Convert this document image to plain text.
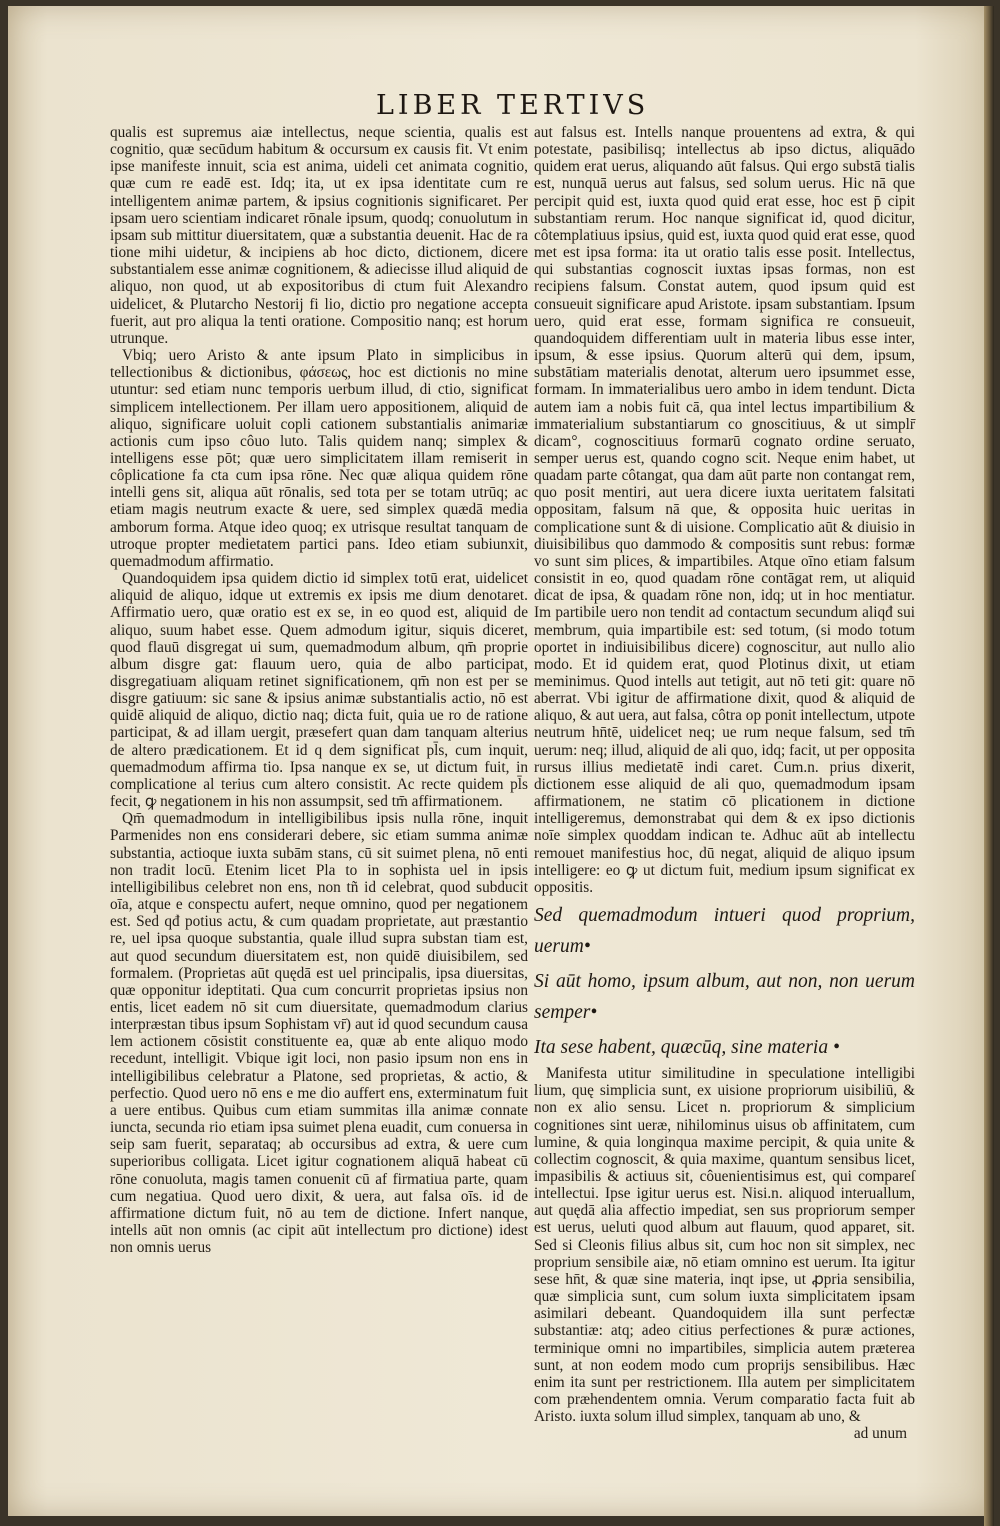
LIBER TERTIVS

qualis est supremus aiæ intellectus, neque scientia, qualis est cognitio, quæ secūdum habitum & occursum ex causis fit. Vt enim ipse manifeste innuit, scia est anima, uideli cet animata cognitio, quæ cum re eadē est. Idq; ita, ut ex ipsa identitate cum re intelligentem animæ partem, & ipsius cognitionis significaret. Per ipsam uero scientiam indicaret rōnale ipsum, quodq; conuolutum in ipsam sub mittitur diuersitatem, quæ a substantia deuenit. Hac de ra tione mihi uidetur, & incipiens ab hoc dicto, dictionem, dicere substantialem esse animæ cognitionem, & adiecisse illud aliquid de aliquo, non quod, ut ab expositoribus di ctum fuit Alexandro uidelicet, & Plutarcho Nestorij fi lio, dictio pro negatione accepta fuerit, aut pro aliqua la tenti oratione. Compositio nanq; est horum utrunque.

Vbiq; uero Aristo & ante ipsum Plato in simplicibus in tellectionibus & dictionibus, φάσεως, hoc est dictionis no mine utuntur: sed etiam nunc temporis uerbum illud, di ctio, significat simplicem intellectionem. Per illam uero appositionem, aliquid de aliquo, significare uoluit copli cationem substantialis animariæ actionis cum ipso côuo luto. Talis quidem nanq; simplex & intelligens esse pōt; quæ uero simplicitatem illam remiserit in côplicatione fa cta cum ipsa rōne. Nec quæ aliqua quidem rōne intelli gens sit, aliqua aūt rōnalis, sed tota per se totam utrūq; ac etiam magis neutrum exacte & uere, sed simplex quædā media amborum forma. Atque ideo quoq; ex utrisque resultat tanquam de utroque propter medietatem partici pans. Ideo etiam subiunxit, quemadmodum affirmatio.

Quandoquidem ipsa quidem dictio id simplex totū erat, uidelicet aliquid de aliquo, idque ut extremis ex ipsis me dium denotaret. Affirmatio uero, quæ oratio est ex se, in eo quod est, aliquid de aliquo, suum habet esse. Quem admodum igitur, siquis diceret, quod flauū disgregat ui sum, quemadmodum album, qm̄ proprie album disgre gat: flauum uero, quia de albo participat, disgregatiuam aliquam retinet significationem, qm̄ non est per se disgre gatiuum: sic sane & ipsius animæ substantialis actio, nō est quidē aliquid de aliquo, dictio naq; dicta fuit, quia ue ro de ratione participat, & ad illam uergit, præsefert quan dam tanquam alterius de altero prædicationem. Et id q dem significat pl̄s, cum inquit, quemadmodum affirma tio. Ipsa nanque ex se, ut dictum fuit, in complicatione al terius cum altero consistit. Ac recte quidem pl̄s fecit, ꝙ negationem in his non assumpsit, sed tm̄ affirmationem.

Qm̄ quemadmodum in intelligibilibus ipsis nulla rōne, inquit Parmenides non ens considerari debere, sic etiam summa animæ substantia, actioque iuxta subām stans, cū sit suimet plena, nō enti non tradit locū. Etenim licet Pla to in sophista uel in ipsis intelligibilibus celebret non ens, non tñ id celebrat, quod subducit oīa, atque e conspectu aufert, neque omnino, quod per negationem est. Sed qđ potius actu, & cum quadam proprietate, aut præstantio re, uel ipsa quoque substantia, quale illud supra substan tiam est, aut quod secundum diuersitatem est, non quidē diuisibilem, sed formalem. (Proprietas aūt quędā est uel principalis, ipsa diuersitas, quæ opponitur ideptitati. Qua cum concurrit proprietas ipsius non entis, licet eadem nō sit cum diuersitate, quemadmodum clarius interpræstan tibus ipsum Sophistam vr̄) aut id quod secundum causa lem actionem cōsistit constituente ea, quæ ab ente aliquo modo recedunt, intelligit. Vbique igit loci, non pasio ipsum non ens in intelligibilibus celebratur a Platone, sed proprietas, & actio, & perfectio. Quod uero nō ens e me dio auffert ens, exterminatum fuit a uere entibus. Quibus cum etiam summitas illa animæ connate iuncta, secunda rio etiam ipsa suimet plena euadit, cum conuersa in seip sam fuerit, separataq; ab occursibus ad extra, & uere cum superioribus colligata. Licet igitur cognationem aliquā habeat cū rōne conuoluta, magis tamen conuenit cū af firmatiua parte, quam cum negatiua. Quod uero dixit, & uera, aut falsa oīs. id de affirmatione dictum fuit, nō au tem de dictione. Infert nanque, intells aūt non omnis (ac cipit aūt intellectum pro dictione) idest non omnis uerus

aut falsus est. Intells nanque prouentens ad extra, & qui potestate, pasibilisq; intellectus ab ipso dictus, aliquādo quidem erat uerus, aliquando aūt falsus. Qui ergo substā tialis est, nunquā uerus aut falsus, sed solum uerus. Hic nā que percipit quid est, iuxta quod quid erat esse, hoc est p̄ cipit substantiam rerum. Hoc nanque significat id, quod dicitur, côtemplatiuus ipsius, quid est, iuxta quod quid erat esse, quod met est ipsa forma: ita ut oratio talis esse posit. Intellectus, qui substantias cognoscit iuxtas ipsas formas, non est recipiens falsum. Constat autem, quod ipsum quid est consueuit significare apud Aristote. ipsam substantiam. Ipsum uero, quid erat esse, formam significa re consueuit, quandoquidem differentiam uult in materia libus esse inter, ipsum, & esse ipsius. Quorum alterū qui dem, ipsum, substātiam materialis denotat, alterum uero ipsummet esse, formam. In immaterialibus uero ambo in idem tendunt. Dicta autem iam a nobis fuit cā, qua intel lectus impartibilium & immaterialium substantiarum co gnoscitiuus, & ut simplr̄ dicam°, cognoscitiuus formarū cognato ordine seruato, semper uerus est, quando cogno scit. Neque enim habet, ut quadam parte côtangat, qua dam aūt parte non contangat rem, quo posit mentiri, aut uera dicere iuxta ueritatem falsitati oppositam, falsum nā que, & opposita huic ueritas in complicatione sunt & di uisione. Complicatio aūt & diuisio in diuisibilibus quo dammodo & compositis sunt rebus: formæ vo sunt sim plices, & impartibiles. Atque oīno etiam falsum consistit in eo, quod quadam rōne contāgat rem, ut aliquid dicat de ipsa, & quadam rōne non, idq; ut in hoc mentiatur. Im partibile uero non tendit ad contactum secundum aliqđ sui membrum, quia impartibile est: sed totum, (si modo totum oportet in indiuisibilibus dicere) cognoscitur, aut nullo alio modo. Et id quidem erat, quod Plotinus dixit, ut etiam meminimus. Quod intells aut tetigit, aut nō teti git: quare nō aberrat. Vbi igitur de affirmatione dixit, quod & aliquid de aliquo, & aut uera, aut falsa, côtra op ponit intellectum, utpote neutrum hn̄tē, uidelicet neq; ue rum neque falsum, sed tm̄ uerum: neq; illud, aliquid de ali quo, idq; facit, ut per opposita rursus illius medietatē indi caret. Cum.n. prius dixerit, dictionem esse aliquid de ali quo, quemadmodum ipsam affirmationem, ne statim cō plicationem in dictione intelligeremus, demonstrabat qui dem & ex ipso dictionis noīe simplex quoddam indican te. Adhuc aūt ab intellectu remouet manifestius hoc, dū negat, aliquid de aliquo ipsum intelligere: eo ꝙ ut dictum fuit, medium ipsum significat ex oppositis.

Sed quemadmodum intueri quod proprium, uerum•

Si aūt homo, ipsum album, aut non, non uerum semper•

Ita sese habent, quæcūq, sine materia •

Manifesta utitur similitudine in speculatione intelligibi lium, quę simplicia sunt, ex uisione propriorum uisibiliū, & non ex alio sensu. Licet n. propriorum & simplicium cognitiones sint ueræ, nihilominus uisus ob affinitatem, cum lumine, & quia longinqua maxime percipit, & quia unite & collectim cognoscit, & quia maxime, quantum sensibus licet, impasibilis & actiuus sit, côuenientisimus est, qui compareſ intellectui. Ipse igitur uerus est. Nisi.n. aliquod interuallum, aut quędā alia affectio impediat, sen sus propriorum semper est uerus, ueluti quod album aut flauum, quod apparet, sit. Sed si Cleonis filius albus sit, cum hoc non sit simplex, nec proprium sensibile aiæ, nō etiam omnino est uerum. Ita igitur sese hn̄t, & quæ sine materia, inqt ipse, ut ꝓpria sensibilia, quæ simplicia sunt, cum solum iuxta simplicitatem ipsam asimilari debeant. Quandoquidem illa sunt perfectæ substantiæ: atq; adeo citius perfectiones & puræ actiones, terminique omni no impartibiles, simplicia autem præterea sunt, at non eodem modo cum proprijs sensibilibus. Hæc enim ita sunt per restrictionem. Illa autem per simplicitatem com præhendentem omnia. Verum comparatio facta fuit ab Aristo. iuxta solum illud simplex, tanquam ab uno, &

ad unum
